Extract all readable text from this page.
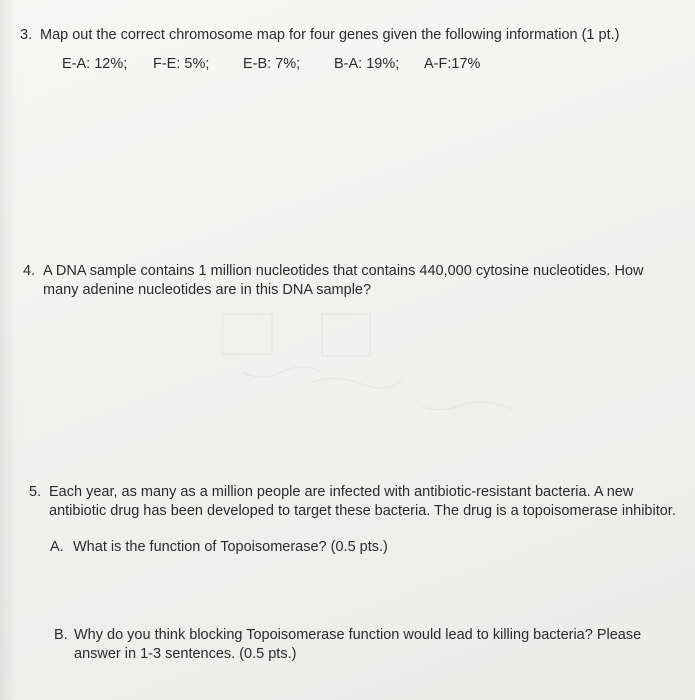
3. Map out the correct chromosome map for four genes given the following information (1 pt.)
E-A: 12%; F-E: 5%; E-B: 7%; B-A: 19%; A-F:17%
4. A DNA sample contains 1 million nucleotides that contains 440,000 cytosine nucleotides. How
many adenine nucleotides are in this DNA sample?
5. Each year, as many as a million people are infected with antibiotic-resistant bacteria. A new
antibiotic drug has been developed to target these bacteria. The drug is a topoisomerase inhibitor.
A. What is the function of Topoisomerase? (0.5 pts.)
B. Why do you think blocking Topoisomerase function would lead to killing bacteria? Please
answer in 1-3 sentences. (0.5 pts.)
